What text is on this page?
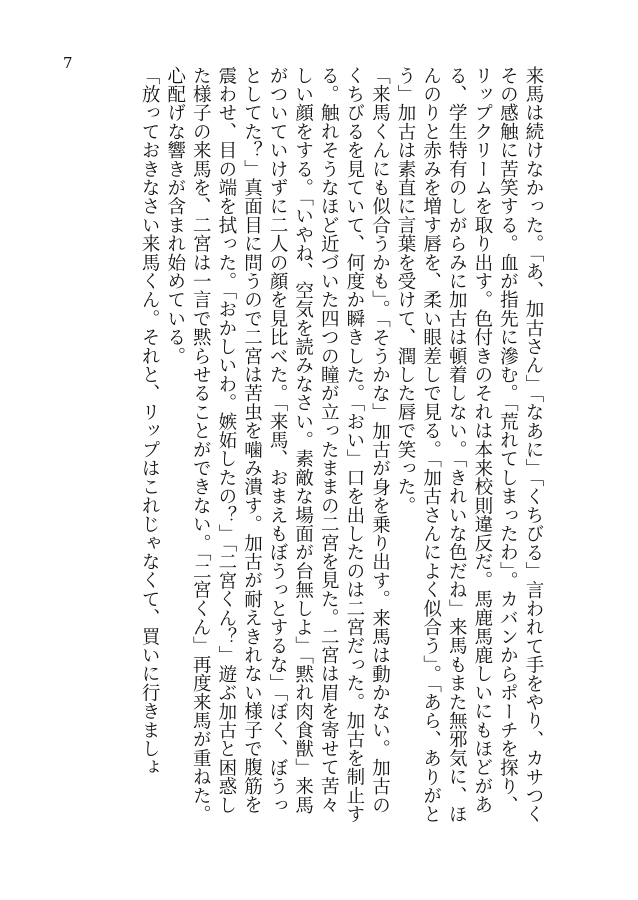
7

来馬は続けなかった。「あ、加古さん」「なあに」「くちびる」言われて手をやり、カサつくその感触に苦笑する。血が指先に滲む。「荒れてしまったわ」。カバンからポーチを探り、リップクリームを取り出す。色付きのそれは本来校則違反だ。馬鹿馬鹿しいにもほどがある、学生特有のしがらみに加古は頓着しない。「きれいな色だね」来馬もまた無邪気に、ほんのりと赤みを増す唇を、柔い眼差しで見る。「加古さんによく似合う」。「あら、ありがとう」加古は素直に言葉を受けて、潤した唇で笑った。

「来馬くんにも似合うかも」。「そうかな」加古が身を乗り出す。来馬は動かない。加古のくちびるを見ていて、何度か瞬きした。「おい」口を出したのは二宮だった。加古を制止する。触れそうなほど近づいた四つの瞳が立ったままの二宮を見た。二宮は眉を寄せて苦々しい顔をする。「いやね、空気を読みなさい。素敵な場面が台無しよ」「黙れ肉食獣」来馬がついていけずに二人の顔を見比べた。「来馬、おまえもぼうっとするな」「ぼく、ぼうっとしてた？」真面目に問うので二宮は苦虫を噛み潰す。加古が耐えきれない様子で腹筋を震わせ、目の端を拭った。「おかしいわ。嫉妬したの？」「二宮くん？」遊ぶ加古と困惑した様子の来馬を、二宮は一言で黙らせることができない。「二宮くん」再度来馬が重ねた。心配げな響きが含まれ始めている。

「放っておきなさい来馬くん。それと、リップはこれじゃなくて、買いに行きましょ
